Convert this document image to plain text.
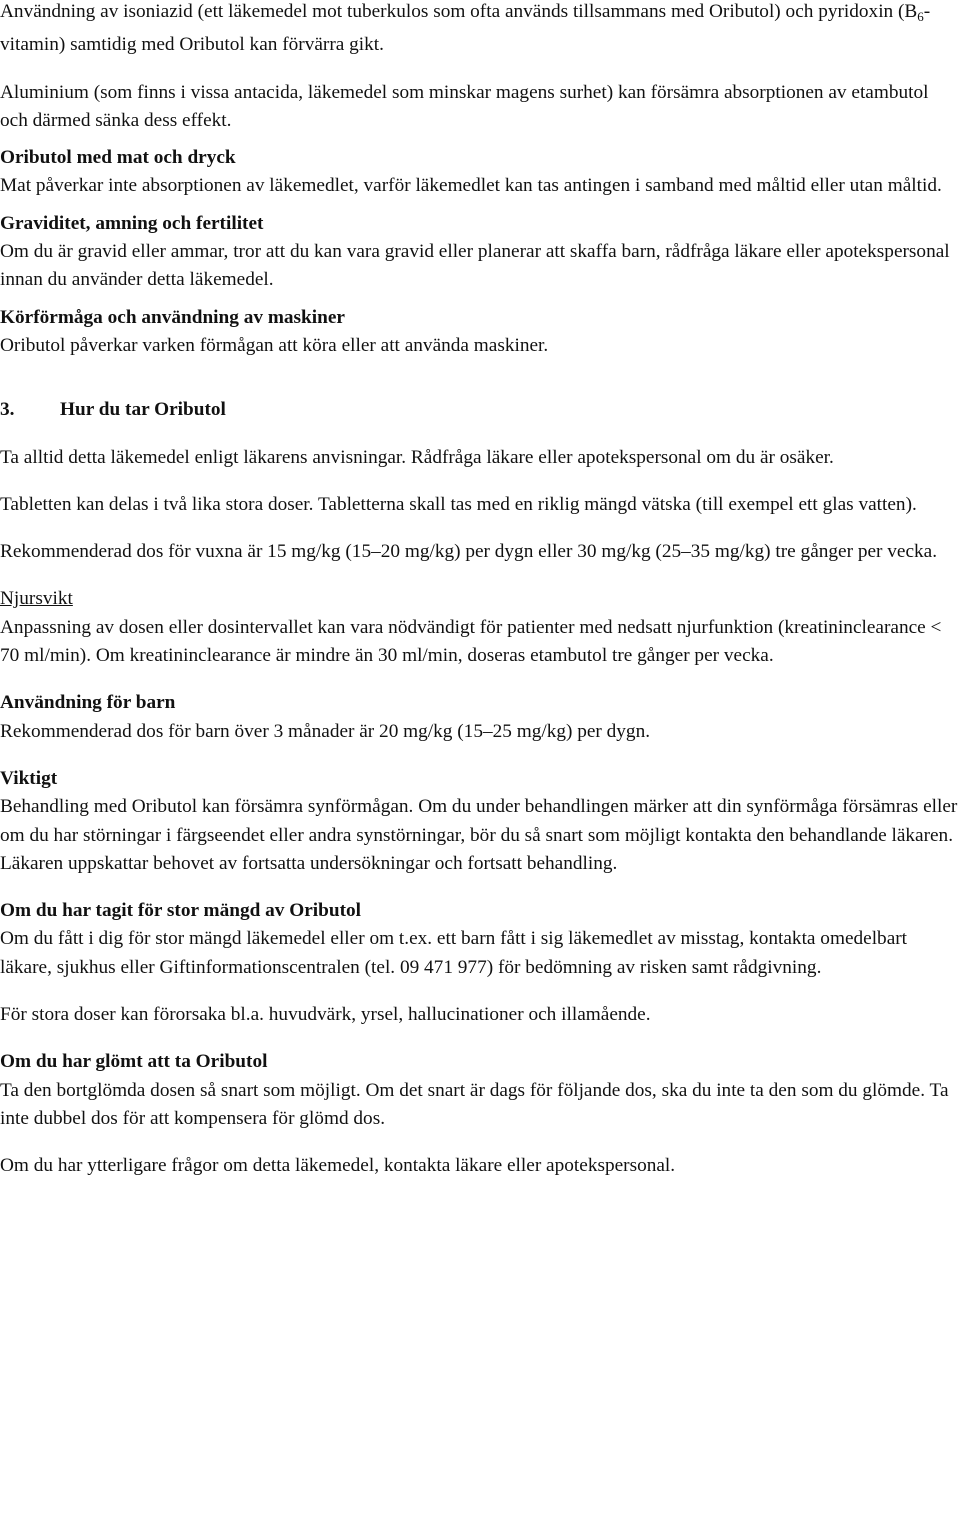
Användning av isoniazid (ett läkemedel mot tuberkulos som ofta används tillsammans med Oributol) och pyridoxin $(B_6-vitamin)$ samtidig med Oributol kan förvärra gikt.

Aluminium (som finns i vissa antacida, läkemedel som minskar magens surhet) kan försämra absorptionen av etambutol och därmed sänka dess effekt.

Oributol med mat och dryck

Mat påverkar inte absorptionen av läkemedlet, varför läkemedlet kan tas antingen i samband med måltid eller utan måltid.

Graviditet, amning och fertilitet

Om du är gravid eller ammar, tror att du kan vara gravid eller planerar att skaffa barn, rådfråga läkare eller apotekspersonal innan du använder detta läkemedel.

Körförmåga och användning av maskiner

Oributol påverkar varken förmågan att köra eller att använda maskiner.

3. Hur du tar Oributol

Ta alltid detta läkemedel enligt läkarens anvisningar. Rådfråga läkare eller apotekspersonal om du är osäker.

Tabletten kan delas i två lika stora doser. Tabletterna skall tas med en riklig mängd vätska (till exempel ett glas vatten).

Rekommenderad dos för vuxna är 15 mg/kg (15–20 mg/kg) per dygn eller 30 mg/kg (25–35 mg/kg) tre gånger per vecka.

Njursvikt

Anpassning av dosen eller dosintervallet kan vara nödvändigt för patienter med nedsatt njurfunktion (kreatininclearance < 70 ml/min). Om kreatininclearance är mindre än 30 ml/min, doseras etambutol tre gånger per vecka.

Användning för barn

Rekommenderad dos för barn över 3 månader är 20 mg/kg (15–25 mg/kg) per dygn.

Viktigt

Behandling med Oributol kan försämra synförmågan. Om du under behandlingen märker att din synförmåga försämras eller om du har störningar i färgseendet eller andra synstörningar, bör du så snart som möjligt kontakta den behandlande läkaren. Läkaren uppskattar behovet av fortsatta undersökningar och fortsatt behandling.

Om du har tagit för stor mängd av Oributol

Om du fått i dig för stor mängd läkemedel eller om t.ex. ett barn fått i sig läkemedlet av misstag, kontakta omedelbart läkare, sjukhus eller Giftinformationscentralen (tel. 09 471 977) för bedömning av risken samt rådgivning.

För stora doser kan förorsaka bl.a. huvudvärk, yrsel, hallucinationer och illamående.

Om du har glömt att ta Oributol

Ta den bortglömda dosen så snart som möjligt. Om det snart är dags för följande dos, ska du inte ta den som du glömde. Ta inte dubbel dos för att kompensera för glömd dos.

Om du har ytterligare frågor om detta läkemedel, kontakta läkare eller apotekspersonal.
